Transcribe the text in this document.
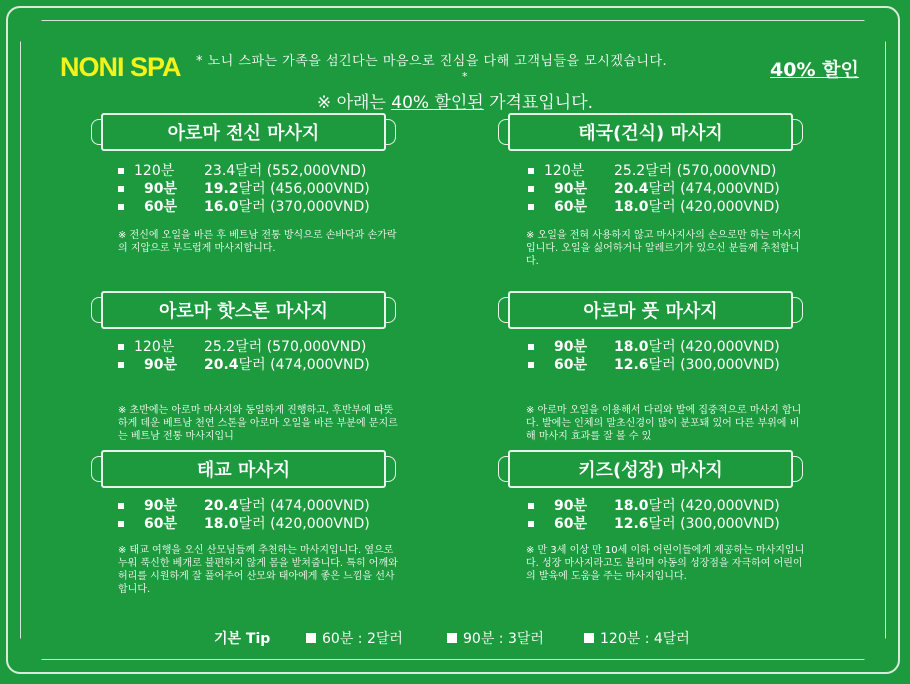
NONI SPA * 노니 스파는 가족을 섬긴다는 마음으로 진심을 다해 고객님들을 모시겠습니다.
*	40% 할인
※ 아래는 40% 할인된 가격표입니다.
아로마 전신 마사지
120분	23.4달러 (552,000VND)
90분	19.2달러 (456,000VND)
60분	16.0달러 (370,000VND)
※ 전신에 오일을 바른 후 베트남 전통 방식으로 손바닥과 손가락의 지압으로 부드럽게 마사지합니다.
태국(건식) 마사지
120분	25.2달러 (570,000VND)
90분	20.4달러 (474,000VND)
60분	18.0달러 (420,000VND)
※ 오일을 전혀 사용하지 않고 마사지사의 손으로만 하는 마사지입니다. 오일을 싫어하거나 알레르기가 있으신 분들께 추천합니다.
아로마 핫스톤 마사지
120분	25.2달러 (570,000VND)
90분	20.4달러 (474,000VND)
※ 초반에는 아로마 마사지와 동일하게 진행하고, 후반부에 따뜻하게 데운 베트남 천연 스톤을 아로마 오일을 바른 부분에 문지르는 베트남 전통 마사지입니
아로마 풋 마사지
90분	18.0달러 (420,000VND)
60분	12.6달러 (300,000VND)
※ 아로마 오일을 이용해서 다리와 발에 집중적으로 마사지 합니다. 발에는 인체의 말초신경이 많이 분포돼 있어 다른 부위에 비해 마사지 효과를 잘 볼 수 있
태교 마사지
90분	20.4달러 (474,000VND)
60분	18.0달러 (420,000VND)
※ 태교 여행을 오신 산모님들께 추천하는 마사지입니다. 옆으로 누워 푹신한 베개로 불편하지 않게 몸을 받쳐줍니다. 특히 어깨와 허리를 시원하게 잘 풀어주어 산모와 태아에게 좋은 느낌을 선사합니다.
키즈(성장) 마사지
90분	18.0달러 (420,000VND)
60분	12.6달러 (300,000VND)
※ 만 3세 이상 만 10세 이하 어린이들에게 제공하는 마사지입니다. 성장 마사지라고도 불리며 아동의 성장점을 자극하여 어린이의 발육에 도움을 주는 마사지입니다.
기본 Tip	60분 : 2달러	90분 : 3달러	120분 : 4달러
